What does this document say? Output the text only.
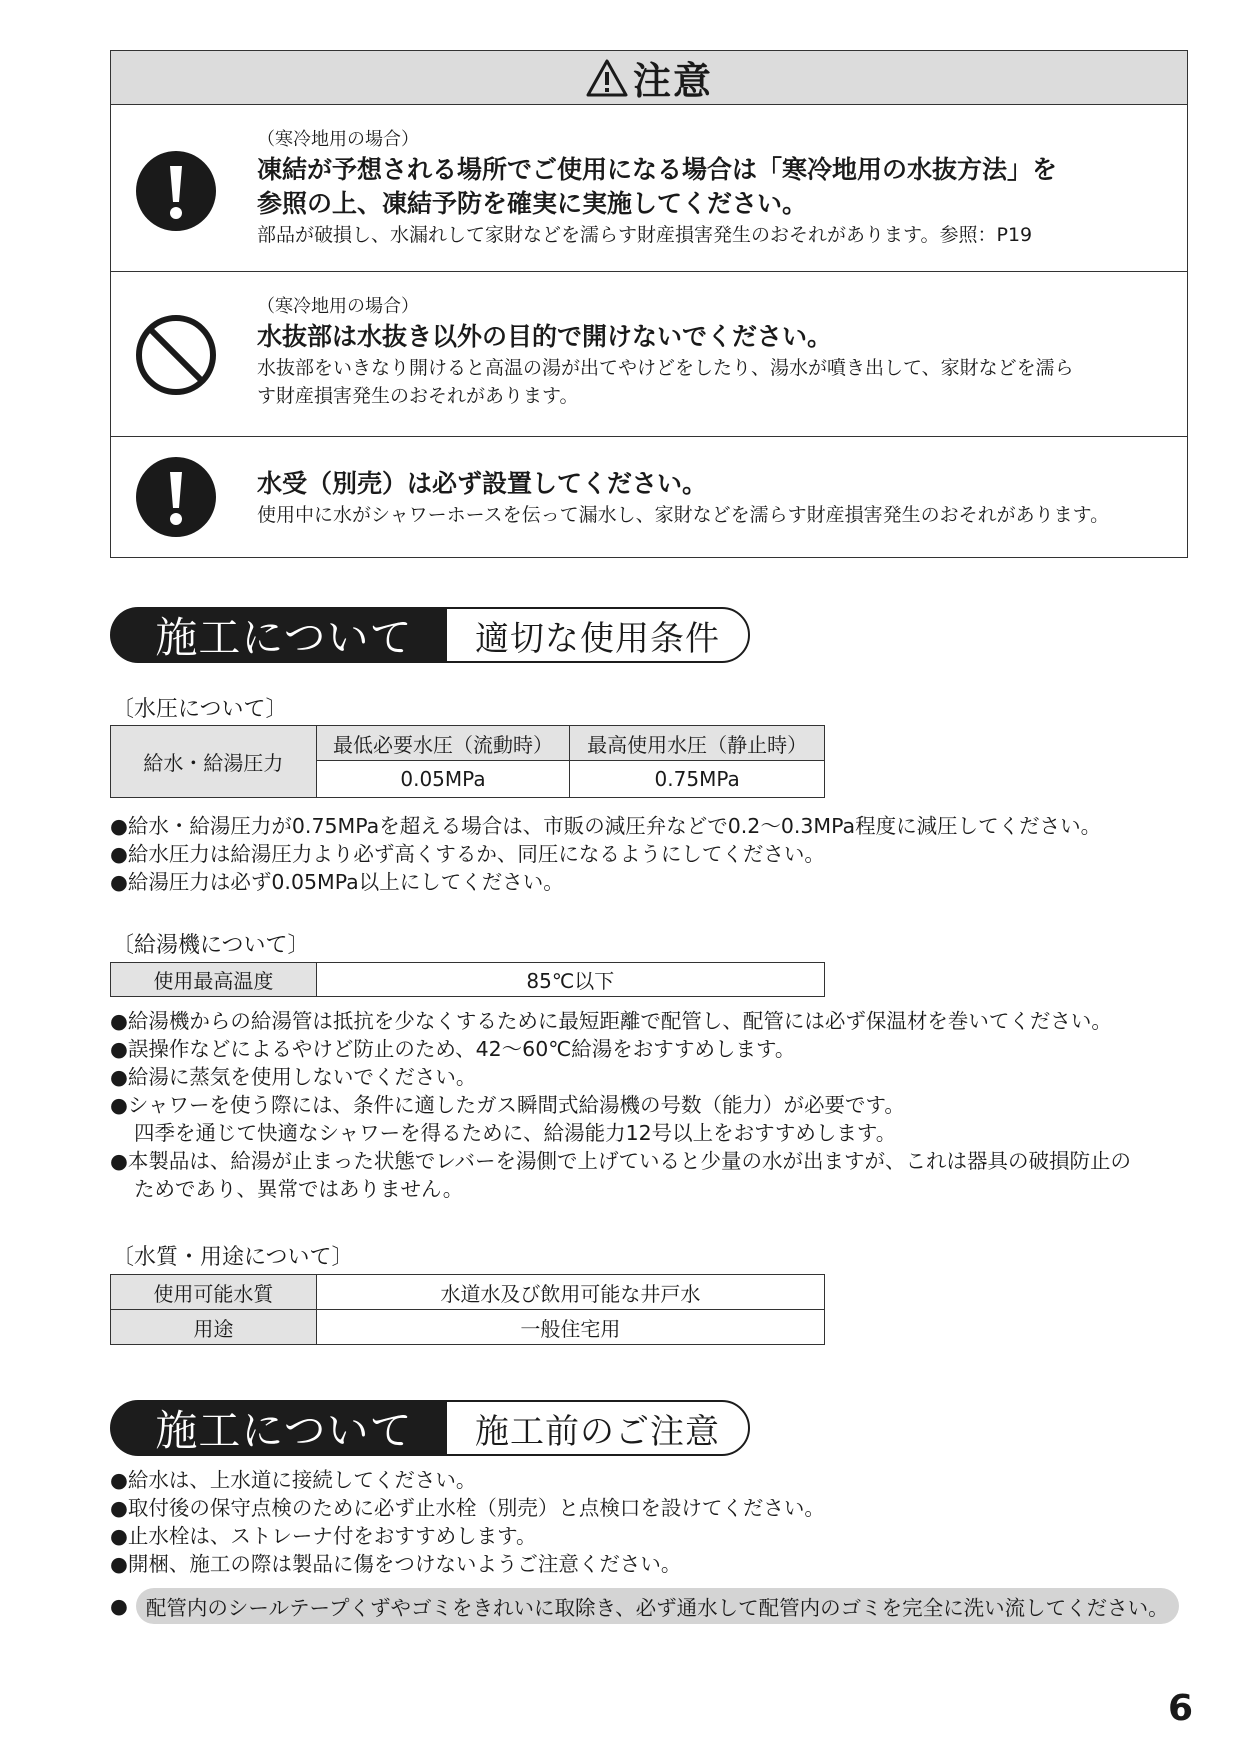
注意
（寒冷地用の場合）
凍結が予想される場所でご使用になる場合は「寒冷地用の水抜方法」を
参照の上、凍結予防を確実に実施してください。
部品が破損し、水漏れして家財などを濡らす財産損害発生のおそれがあります。参照：P19
（寒冷地用の場合）
水抜部は水抜き以外の目的で開けないでください。
水抜部をいきなり開けると高温の湯が出てやけどをしたり、湯水が噴き出して、家財などを濡ら
す財産損害発生のおそれがあります。
水受（別売）は必ず設置してください。
使用中に水がシャワーホースを伝って漏水し、家財などを濡らす財産損害発生のおそれがあります。
施工について	適切な使用条件
〔水圧について〕
給水・給湯圧力	最低必要水圧（流動時）	最高使用水圧（静止時）
	0.05MPa	0.75MPa
●給水・給湯圧力が0.75MPaを超える場合は、市販の減圧弁などで0.2〜0.3MPa程度に減圧してください。
●給水圧力は給湯圧力より必ず高くするか、同圧になるようにしてください。
●給湯圧力は必ず0.05MPa以上にしてください。
〔給湯機について〕
使用最高温度	85℃以下
●給湯機からの給湯管は抵抗を少なくするために最短距離で配管し、配管には必ず保温材を巻いてください。
●誤操作などによるやけど防止のため、42〜60℃給湯をおすすめします。
●給湯に蒸気を使用しないでください。
●シャワーを使う際には、条件に適したガス瞬間式給湯機の号数（能力）が必要です。
四季を通じて快適なシャワーを得るために、給湯能力12号以上をおすすめします。
●本製品は、給湯が止まった状態でレバーを湯側で上げていると少量の水が出ますが、これは器具の破損防止の
ためであり、異常ではありません。
〔水質・用途について〕
使用可能水質	水道水及び飲用可能な井戸水
用途	一般住宅用
施工について	施工前のご注意
●給水は、上水道に接続してください。
●取付後の保守点検のために必ず止水栓（別売）と点検口を設けてください。
●止水栓は、ストレーナ付をおすすめします。
●開梱、施工の際は製品に傷をつけないようご注意ください。
● 配管内のシールテープくずやゴミをきれいに取除き、必ず通水して配管内のゴミを完全に洗い流してください。
6
